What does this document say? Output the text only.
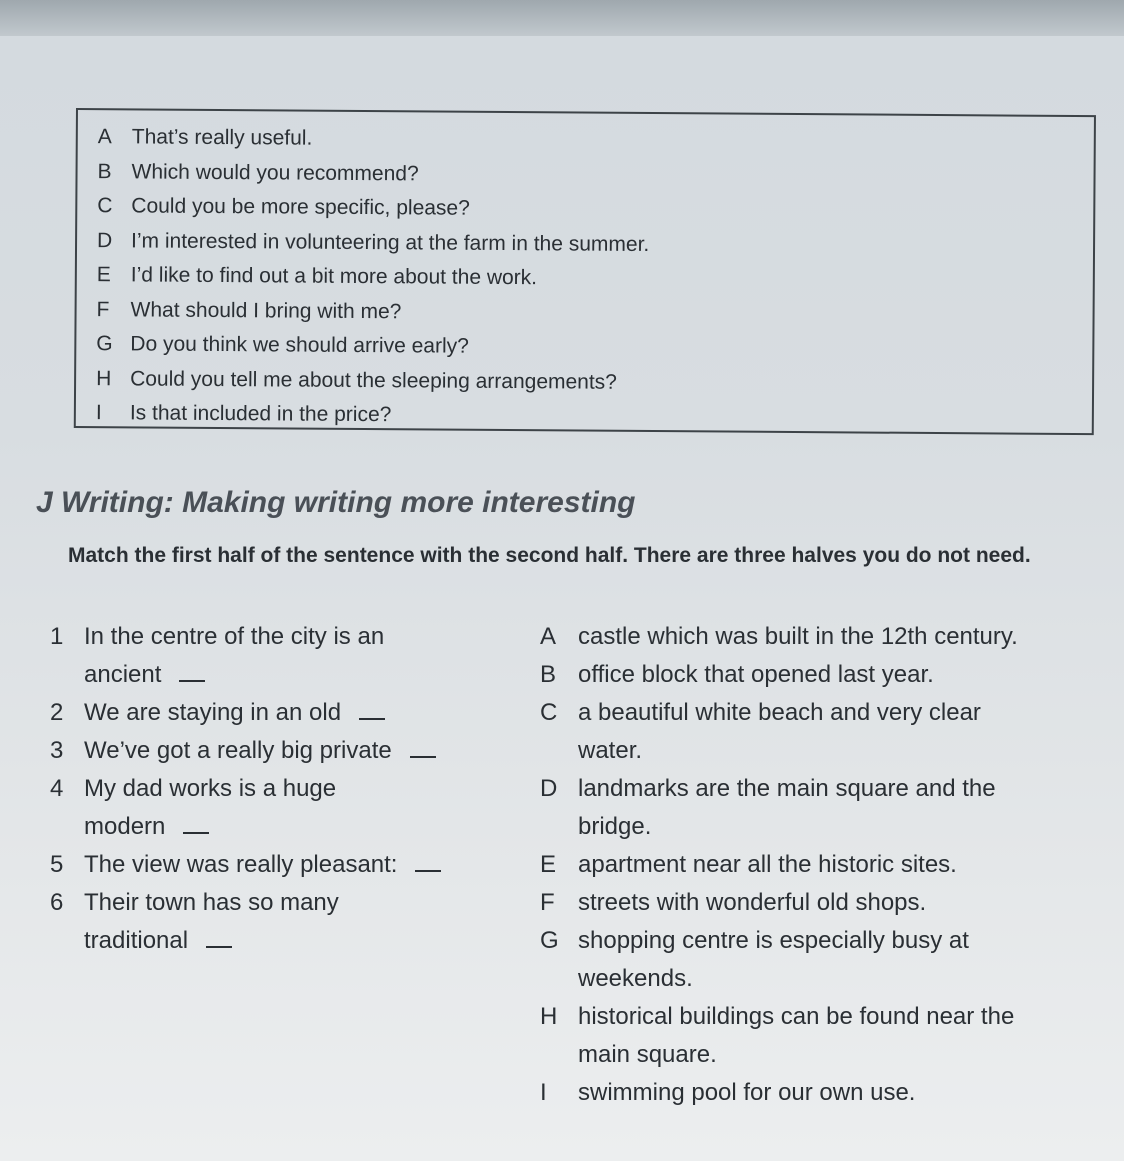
A That’s really useful.
B Which would you recommend?
C Could you be more specific, please?
D I’m interested in volunteering at the farm in the summer.
E I’d like to find out a bit more about the work.
F What should I bring with me?
G Do you think we should arrive early?
H Could you tell me about the sleeping arrangements?
I Is that included in the price?
J Writing: Making writing more interesting
Match the first half of the sentence with the second half. There are three halves you do not need.
1 In the centre of the city is an
ancient
2 We are staying in an old
3 We’ve got a really big private
4 My dad works is a huge
modern
5 The view was really pleasant:
6 Their town has so many
traditional
A castle which was built in the 12th century.
B office block that opened last year.
C a beautiful white beach and very clear
water.
D landmarks are the main square and the
bridge.
E apartment near all the historic sites.
F streets with wonderful old shops.
G shopping centre is especially busy at
weekends.
H historical buildings can be found near the
main square.
I swimming pool for our own use.
